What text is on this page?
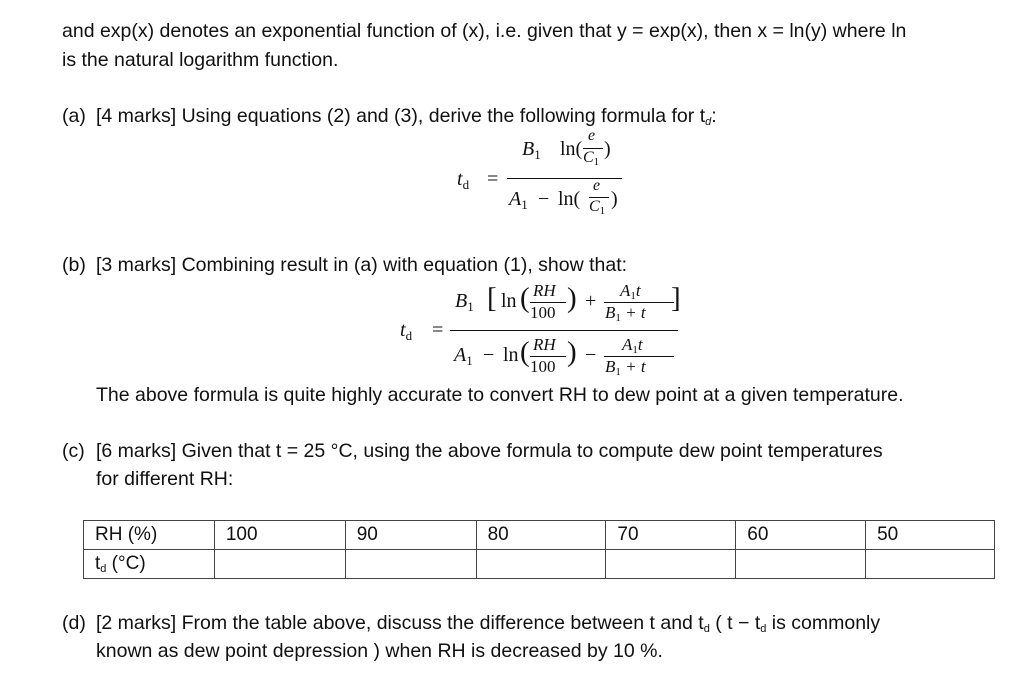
and exp(x) denotes an exponential function of (x), i.e. given that y = exp(x), then x = ln(y) where ln
is the natural logarithm function.
(a) [4 marks] Using equations (2) and (3), derive the following formula for td:
$t_d$ =
$B_1$ ln(
e
C1
)
$A_1 - \ln$(
e
C1
)
(b) [3 marks] Combining result in (a) with equation (1), show that:
$t_d$ =
$B_1$ [ ln ( RH
100 ) + A1t
B1 + t ]
$A_1 - \ln$ ( RH
100 ) − A1t
B1 + t
The above formula is quite highly accurate to convert RH to dew point at a given temperature.
(c) [6 marks] Given that t = 25 °C, using the above formula to compute dew point temperatures
for different RH:
RH (%)	100	90	80	70	60	50
td (°C)						
(d) [2 marks] From the table above, discuss the difference between t and td ( t − td is commonly
known as dew point depression ) when RH is decreased by 10 %.
